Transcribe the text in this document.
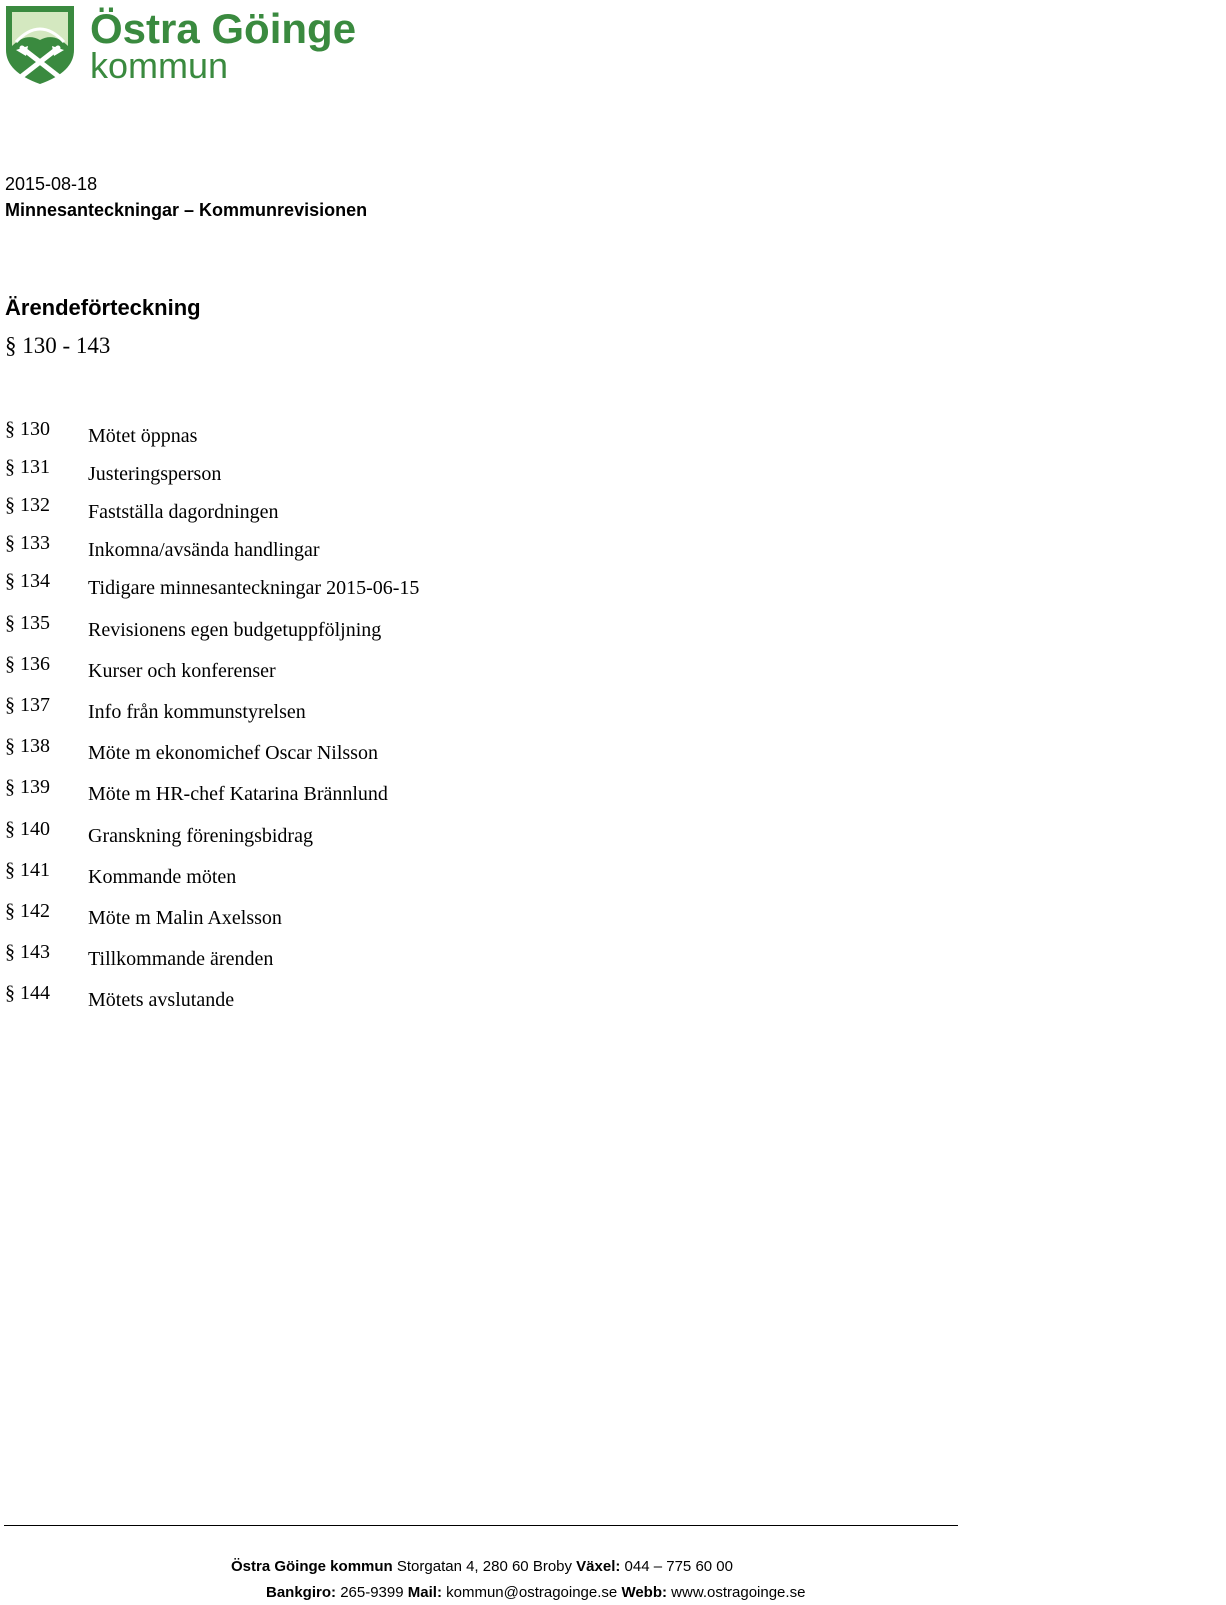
Östra Göinge
kommun
2015-08-18
Minnesanteckningar – Kommunrevisionen
Ärendeförteckning
§ 130 - 143
§ 130 Mötet öppnas
§ 131 Justeringsperson
§ 132 Fastställa dagordningen
§ 133 Inkomna/avsända handlingar
§ 134 Tidigare minnesanteckningar 2015-06-15
§ 135 Revisionens egen budgetuppföljning
§ 136 Kurser och konferenser
§ 137 Info från kommunstyrelsen
§ 138 Möte m ekonomichef Oscar Nilsson
§ 139 Möte m HR-chef Katarina Brännlund
§ 140 Granskning föreningsbidrag
§ 141 Kommande möten
§ 142 Möte m Malin Axelsson
§ 143 Tillkommande ärenden
§ 144 Mötets avslutande
Östra Göinge kommun Storgatan 4, 280 60 Broby Växel: 044 – 775 60 00
Bankgiro: 265-9399 Mail: kommun@ostragoinge.se Webb: www.ostragoinge.se
